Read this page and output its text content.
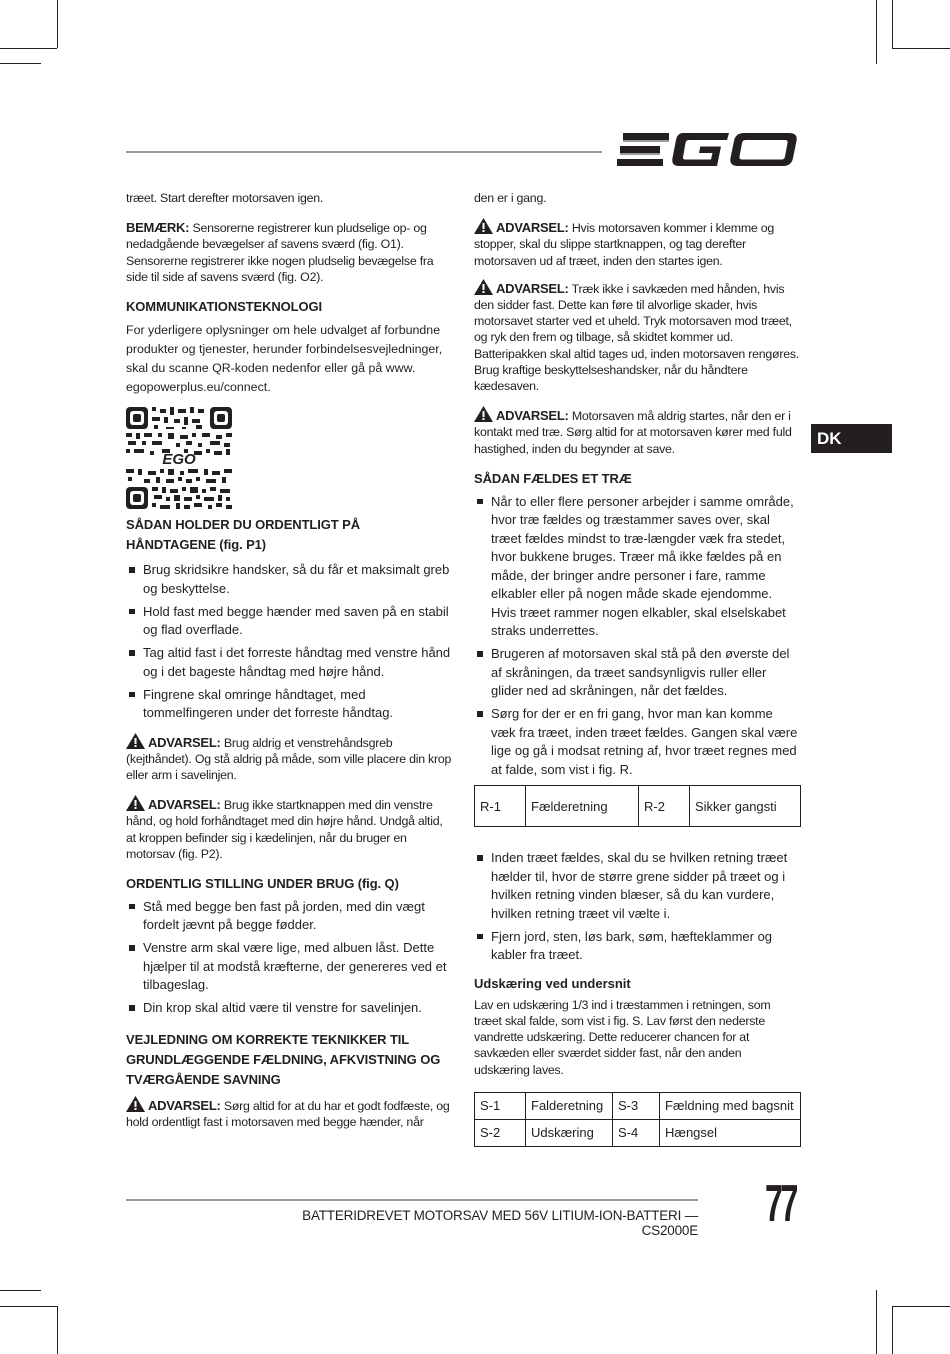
DK

træet. Start derefter motorsaven igen.

BEMÆRK: Sensorerne registrerer kun pludselige op- og nedadgående bevægelser af savens sværd (fig. O1). Sensorerne registrerer ikke nogen pludselig bevægelse fra side til side af savens sværd (fig. O2).

KOMMUNIKATIONSTEKNOLOGI

For yderligere oplysninger om hele udvalget af forbundne produkter og tjenester, herunder forbindelsesvejledninger, skal du scanne QR-koden nedenfor eller gå på www. egopowerplus.eu/connect.

EGO

SÅDAN HOLDER DU ORDENTLIGT PÅ HÅNDTAGENE (fig. P1)

Brug skridsikre handsker, så du får et maksimalt greb og beskyttelse.
Hold fast med begge hænder med saven på en stabil og flad overflade.
Tag altid fast i det forreste håndtag med venstre hånd og i det bageste håndtag med højre hånd.
Fingrene skal omringe håndtaget, med tommelfingeren under det forreste håndtag.

ADVARSEL: Brug aldrig et venstrehåndsgreb (kejthåndet). Og stå aldrig på måde, som ville placere din krop eller arm i savelinjen.

ADVARSEL: Brug ikke startknappen med din venstre hånd, og hold forhåndtaget med din højre hånd. Undgå altid, at kroppen befinder sig i kædelinjen, når du bruger en motorsav (fig. P2).

ORDENTLIG STILLING UNDER BRUG (fig. Q)

Stå med begge ben fast på jorden, med din vægt fordelt jævnt på begge fødder.
Venstre arm skal være lige, med albuen låst. Dette hjælper til at modstå kræfterne, der genereres ved et tilbageslag.
Din krop skal altid være til venstre for savelinjen.

VEJLEDNING OM KORREKTE TEKNIKKER TIL GRUNDLÆGGENDE FÆLDNING, AFKVISTNING OG TVÆRGÅENDE SAVNING

ADVARSEL: Sørg altid for at du har et godt fodfæste, og hold ordentligt fast i motorsaven med begge hænder, når

den er i gang.

ADVARSEL: Hvis motorsaven kommer i klemme og stopper, skal du slippe startknappen, og tag derefter motorsaven ud af træet, inden den startes igen.

ADVARSEL: Træk ikke i savkæden med hånden, hvis den sidder fast. Dette kan føre til alvorlige skader, hvis motorsavet starter ved et uheld. Tryk motorsaven mod træet, og ryk den frem og tilbage, så skidtet kommer ud. Batteripakken skal altid tages ud, inden motorsaven rengøres. Brug kraftige beskyttelseshandsker, når du håndtere kædesaven.

ADVARSEL: Motorsaven må aldrig startes, når den er i kontakt med træ. Sørg altid for at motorsaven kører med fuld hastighed, inden du begynder at save.

SÅDAN FÆLDES ET TRÆ

Når to eller flere personer arbejder i samme område, hvor træ fældes og træstammer saves over, skal træet fældes mindst to træ-længder væk fra stedet, hvor bukkene bruges. Træer må ikke fældes på en måde, der bringer andre personer i fare, ramme elkabler eller på nogen måde skade ejendomme. Hvis træet rammer nogen elkabler, skal elselskabet straks underrettes.
Brugeren af motorsaven skal stå på den øverste del af skråningen, da træet sandsynligvis ruller eller glider ned ad skråningen, når det fældes.
Sørg for der er en fri gang, hvor man kan komme væk fra træet, inden træet fældes. Gangen skal være lige og gå i modsat retning af, hvor træet regnes med at falde, som vist i fig. R.
R-1	Fælderetning	R-2	Sikker gangsti
Inden træet fældes, skal du se hvilken retning træet hælder til, hvor de større grene sidder på træet og i hvilken retning vinden blæser, så du kan vurdere, hvilken retning træet vil vælte i.
Fjern jord, sten, løs bark, søm, hæfteklammer og kabler fra træet.

Udskæring ved undersnit

Lav en udskæring 1/3 ind i træstammen i retningen, som træet skal falde, som vist i fig. S. Lav først den nederste vandrette udskæring. Dette reducerer chancen for at savkæden eller sværdet sidder fast, når den anden udskæring laves.

S-1	Falderetning	S-3	Fældning med bagsnit
S-2	Udskæring	S-4	Hængsel
BATTERIDREVET MOTORSAV MED 56V LITIUM-ION-BATTERI — CS2000E 77
